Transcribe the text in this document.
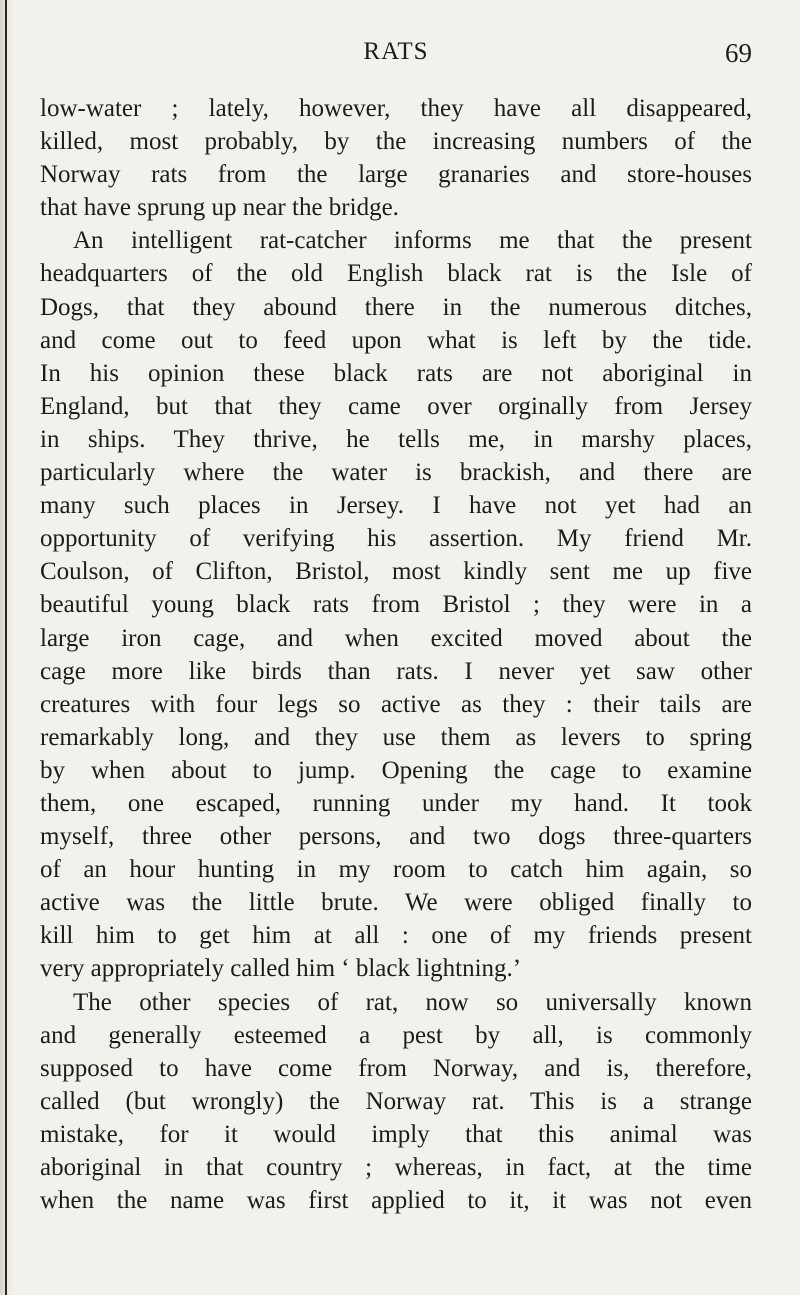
RATS	69
low-water ; lately, however, they have all disappeared,
killed, most probably, by the increasing numbers of the
Norway rats from the large granaries and store-houses
that have sprung up near the bridge.
An intelligent rat-catcher informs me that the present
headquarters of the old English black rat is the Isle of
Dogs, that they abound there in the numerous ditches,
and come out to feed upon what is left by the tide.
In his opinion these black rats are not aboriginal in
England, but that they came over orginally from Jersey
in ships. They thrive, he tells me, in marshy places,
particularly where the water is brackish, and there are
many such places in Jersey. I have not yet had an
opportunity of verifying his assertion. My friend Mr.
Coulson, of Clifton, Bristol, most kindly sent me up five
beautiful young black rats from Bristol ; they were in a
large iron cage, and when excited moved about the
cage more like birds than rats. I never yet saw other
creatures with four legs so active as they : their tails are
remarkably long, and they use them as levers to spring
by when about to jump. Opening the cage to examine
them, one escaped, running under my hand. It took
myself, three other persons, and two dogs three-quarters
of an hour hunting in my room to catch him again, so
active was the little brute. We were obliged finally to
kill him to get him at all : one of my friends present
very appropriately called him ‘ black lightning.’
The other species of rat, now so universally known
and generally esteemed a pest by all, is commonly
supposed to have come from Norway, and is, therefore,
called (but wrongly) the Norway rat. This is a strange
mistake, for it would imply that this animal was
aboriginal in that country ; whereas, in fact, at the time
when the name was first applied to it, it was not even
